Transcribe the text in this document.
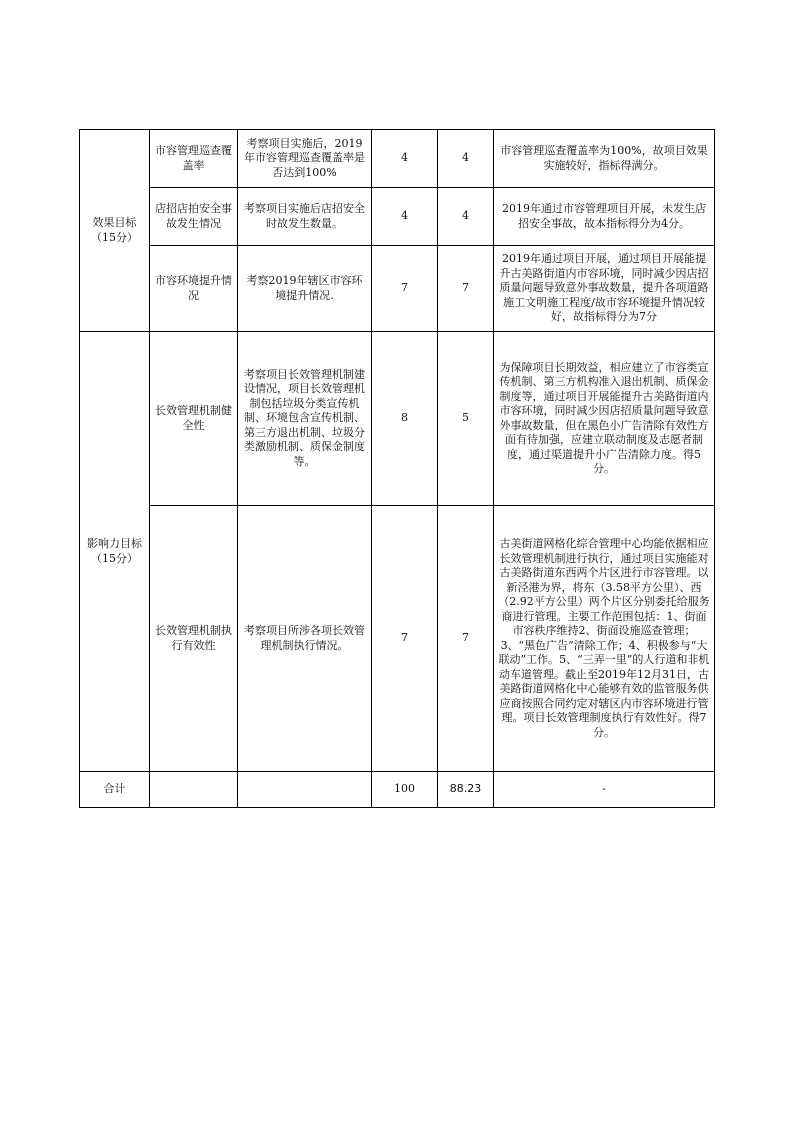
效果目标（15分）	市容管理巡查覆盖率	考察项目实施后，2019年市容管理巡查覆盖率是否达到100%	4	4	市容管理巡查覆盖率为100%，故项目效果实施较好，指标得满分。
	店招店拍安全事故发生情况	考察项目实施后店招安全时故发生数量。	4	4	2019年通过市容管理项目开展，未发生店招安全事故，故本指标得分为4分。
	市容环境提升情况	考察2019年辖区市容环境提升情况.	7	7	2019年通过项目开展，通过项目开展能提升古美路街道内市容环境，同时减少因店招质量问题导致意外事故数量，提升各项道路施工文明施工程度/故市容环境提升情况较好，故指标得分为7分
影响力目标（15分）	长效管理机制健全性	考察项目长效管理机制建设情况，项目长效管理机制包括垃圾分类宣传机制、环境包含宣传机制、第三方退出机制、垃圾分类激励机制、质保金制度等。	8	5	为保障项目长期效益，相应建立了市容类宣传机制、第三方机构准入退出机制、质保金制度等，通过项目开展能提升古美路街道内市容环境，同时减少因店招质量问题导致意外事故数量，但在黑色小广告清除有效性方面有待加强，应建立联动制度及志愿者制度，通过渠道提升小广告清除力度。得5分。
	长效管理机制执行有效性	考察项目所涉各项长效管理机制执行情况。	7	7	古美街道网格化综合管理中心均能依据相应长效管理机制进行执行，通过项目实施能对古美路街道东西两个片区进行市容管理。以新泾港为界，将东（3.58平方公里）、西（2.92平方公里）两个片区分别委托给服务商进行管理。主要工作范围包括：1、街面市容秩序维持2、街面设施巡查管理；3、“黑色广告”清除工作；4、积极参与“大联动”工作。5、“三弄一里”的人行道和非机动车道管理。截止至2019年12月31日，古美路街道网格化中心能够有效的监管服务供应商按照合同约定对辖区内市容环境进行管理。项目长效管理制度执行有效性好。得7分。
合计			100	88.23	-
